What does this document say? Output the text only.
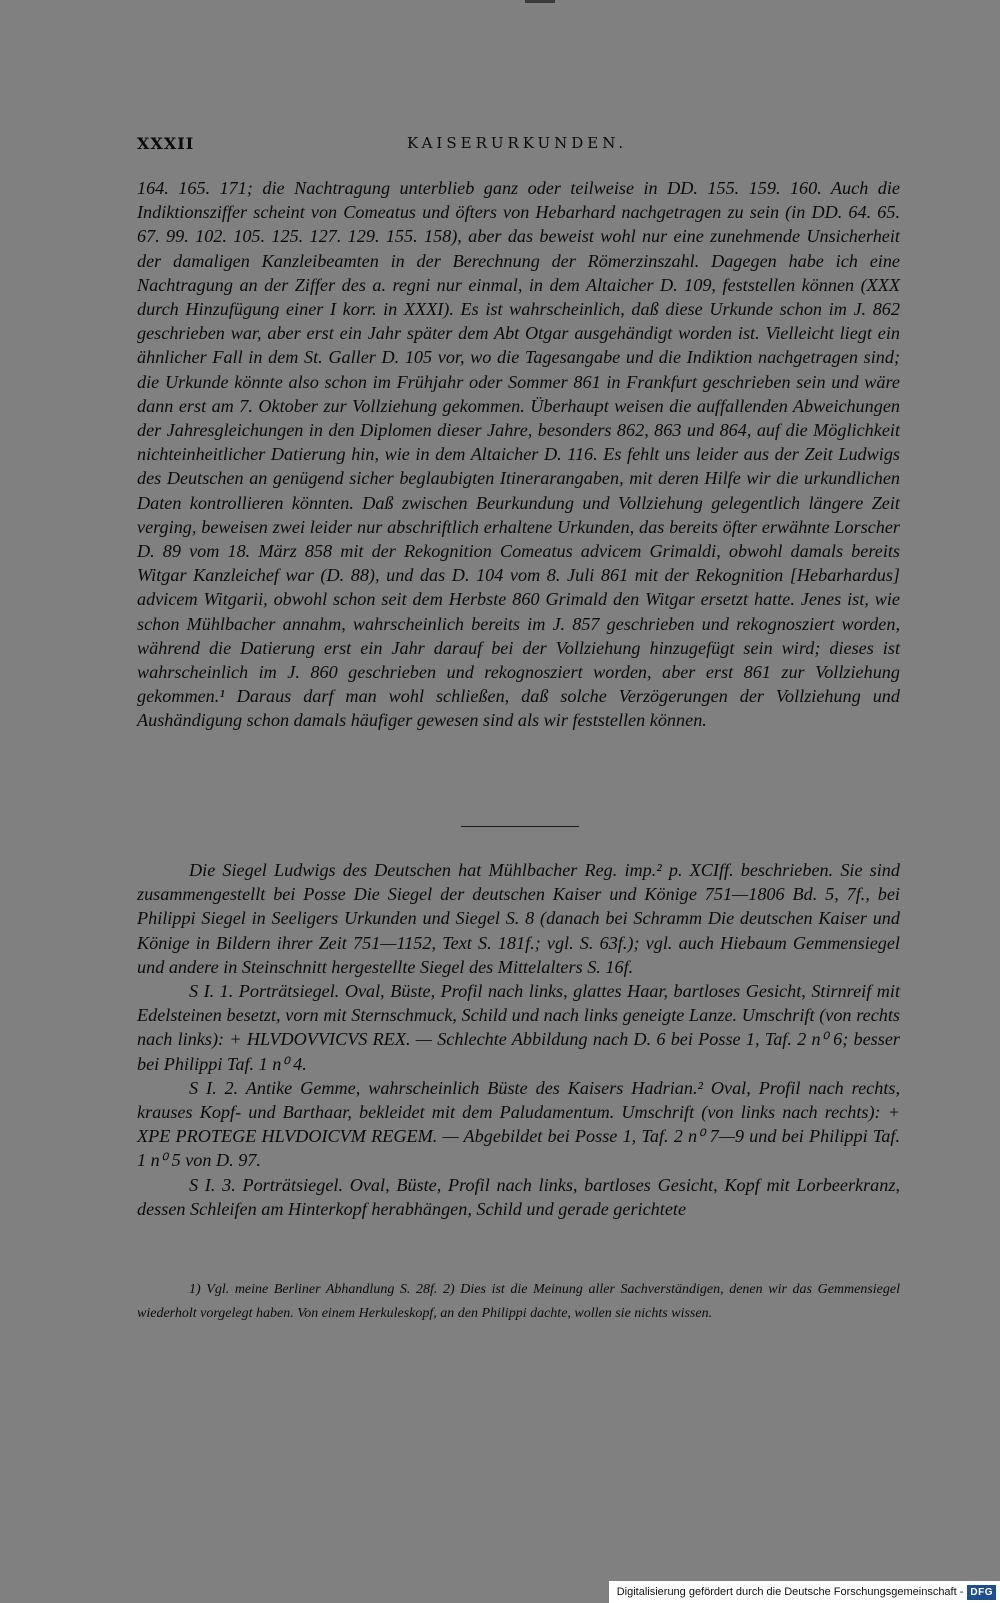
XXXII	KAISERURKUNDEN.

164. 165. 171; die Nachtragung unterblieb ganz oder teilweise in DD. 155. 159. 160. Auch die Indiktionsziffer scheint von Comeatus und öfters von Hebarhard nachgetragen zu sein (in DD. 64. 65. 67. 99. 102. 105. 125. 127. 129. 155. 158), aber das beweist wohl nur eine zunehmende Unsicherheit der damaligen Kanzleibeamten in der Berechnung der Römerzinszahl. Dagegen habe ich eine Nachtragung an der Ziffer des a. regni nur einmal, in dem Altaicher D. 109, feststellen können (XXX durch Hinzufügung einer I korr. in XXXI). Es ist wahrscheinlich, daß diese Urkunde schon im J. 862 geschrieben war, aber erst ein Jahr später dem Abt Otgar ausgehändigt worden ist. Vielleicht liegt ein ähnlicher Fall in dem St. Galler D. 105 vor, wo die Tagesangabe und die Indiktion nachgetragen sind; die Urkunde könnte also schon im Frühjahr oder Sommer 861 in Frankfurt geschrieben sein und wäre dann erst am 7. Oktober zur Vollziehung gekommen. Überhaupt weisen die auffallenden Abweichungen der Jahresgleichungen in den Diplomen dieser Jahre, besonders 862, 863 und 864, auf die Möglichkeit nichteinheitlicher Datierung hin, wie in dem Altaicher D. 116. Es fehlt uns leider aus der Zeit Ludwigs des Deutschen an genügend sicher beglaubigten Itinerarangaben, mit deren Hilfe wir die urkundlichen Daten kontrollieren könnten. Daß zwischen Beurkundung und Vollziehung gelegentlich längere Zeit verging, beweisen zwei leider nur abschriftlich erhaltene Urkunden, das bereits öfter erwähnte Lorscher D. 89 vom 18. März 858 mit der Rekognition Comeatus advicem Grimaldi, obwohl damals bereits Witgar Kanzleichef war (D. 88), und das D. 104 vom 8. Juli 861 mit der Rekognition [Hebarhardus] advicem Witgarii, obwohl schon seit dem Herbste 860 Grimald den Witgar ersetzt hatte. Jenes ist, wie schon Mühlbacher annahm, wahrscheinlich bereits im J. 857 geschrieben und rekognosziert worden, während die Datierung erst ein Jahr darauf bei der Vollziehung hinzugefügt sein wird; dieses ist wahrscheinlich im J. 860 geschrieben und rekognosziert worden, aber erst 861 zur Vollziehung gekommen.¹ Daraus darf man wohl schließen, daß solche Verzögerungen der Vollziehung und Aushändigung schon damals häufiger gewesen sind als wir feststellen können.

Die Siegel Ludwigs des Deutschen hat Mühlbacher Reg. imp.² p. XCIff. beschrieben. Sie sind zusammengestellt bei Posse Die Siegel der deutschen Kaiser und Könige 751—1806 Bd. 5, 7f., bei Philippi Siegel in Seeligers Urkunden und Siegel S. 8 (danach bei Schramm Die deutschen Kaiser und Könige in Bildern ihrer Zeit 751—1152, Text S. 181f.; vgl. S. 63f.); vgl. auch Hiebaum Gemmensiegel und andere in Steinschnitt hergestellte Siegel des Mittelalters S. 16f.

S I. 1. Porträtsiegel. Oval, Büste, Profil nach links, glattes Haar, bartloses Gesicht, Stirnreif mit Edelsteinen besetzt, vorn mit Sternschmuck, Schild und nach links geneigte Lanze. Umschrift (von rechts nach links): + HLVDOVVICVS REX. — Schlechte Abbildung nach D. 6 bei Posse 1, Taf. 2 n⁰ 6; besser bei Philippi Taf. 1 n⁰ 4.

S I. 2. Antike Gemme, wahrscheinlich Büste des Kaisers Hadrian.² Oval, Profil nach rechts, krauses Kopf- und Barthaar, bekleidet mit dem Paludamentum. Umschrift (von links nach rechts): + XPE PROTEGE HLVDOICVM REGEM. — Abgebildet bei Posse 1, Taf. 2 n⁰ 7—9 und bei Philippi Taf. 1 n⁰ 5 von D. 97.

S I. 3. Porträtsiegel. Oval, Büste, Profil nach links, bartloses Gesicht, Kopf mit Lorbeerkranz, dessen Schleifen am Hinterkopf herabhängen, Schild und gerade gerichtete

1) Vgl. meine Berliner Abhandlung S. 28f. 2) Dies ist die Meinung aller Sachverständigen, denen wir das Gemmensiegel wiederholt vorgelegt haben. Von einem Herkuleskopf, an den Philippi dachte, wollen sie nichts wissen.
Digitalisierung gefördert durch die Deutsche Forschungsgemeinschaft - DFG
